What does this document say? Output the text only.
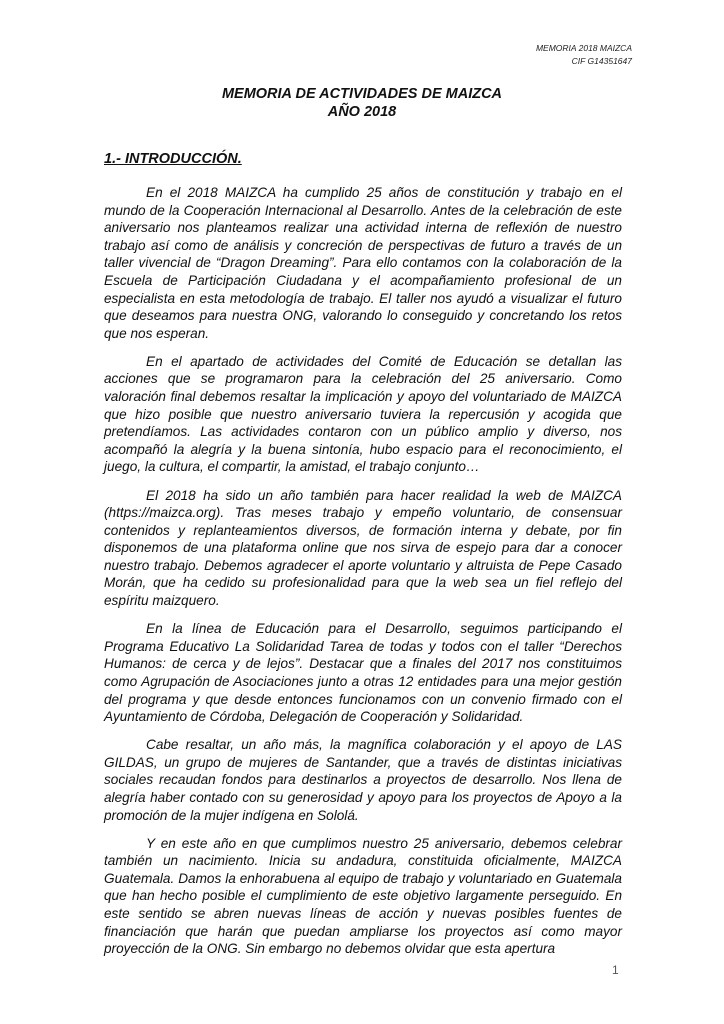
MEMORIA 2018 MAIZCA
CIF G14351647
MEMORIA DE ACTIVIDADES DE MAIZCA
AÑO 2018
1.- INTRODUCCIÓN.

En el 2018 MAIZCA ha cumplido 25 años de constitución y trabajo en el mundo de la Cooperación Internacional al Desarrollo. Antes de la celebración de este aniversario nos planteamos realizar una actividad interna de reflexión de nuestro trabajo así como de análisis y concreción de perspectivas de futuro a través de un taller vivencial de “Dragon Dreaming”. Para ello contamos con la colaboración de la Escuela de Participación Ciudadana y el acompañamiento profesional de un especialista en esta metodología de trabajo. El taller nos ayudó a visualizar el futuro que deseamos para nuestra ONG, valorando lo conseguido y concretando los retos que nos esperan.

En el apartado de actividades del Comité de Educación se detallan las acciones que se programaron para la celebración del 25 aniversario. Como valoración final debemos resaltar la implicación y apoyo del voluntariado de MAIZCA que hizo posible que nuestro aniversario tuviera la repercusión y acogida que pretendíamos. Las actividades contaron con un público amplio y diverso, nos acompañó la alegría y la buena sintonía, hubo espacio para el reconocimiento, el juego, la cultura, el compartir, la amistad, el trabajo conjunto…

El 2018 ha sido un año también para hacer realidad la web de MAIZCA (https://maizca.org). Tras meses trabajo y empeño voluntario, de consensuar contenidos y replanteamientos diversos, de formación interna y debate, por fin disponemos de una plataforma online que nos sirva de espejo para dar a conocer nuestro trabajo. Debemos agradecer el aporte voluntario y altruista de Pepe Casado Morán, que ha cedido su profesionalidad para que la web sea un fiel reflejo del espíritu maizquero.

En la línea de Educación para el Desarrollo, seguimos participando el Programa Educativo La Solidaridad Tarea de todas y todos con el taller “Derechos Humanos: de cerca y de lejos”. Destacar que a finales del 2017 nos constituimos como Agrupación de Asociaciones junto a otras 12 entidades para una mejor gestión del programa y que desde entonces funcionamos con un convenio firmado con el Ayuntamiento de Córdoba, Delegación de Cooperación y Solidaridad.

Cabe resaltar, un año más, la magnífica colaboración y el apoyo de LAS GILDAS, un grupo de mujeres de Santander, que a través de distintas iniciativas sociales recaudan fondos para destinarlos a proyectos de desarrollo. Nos llena de alegría haber contado con su generosidad y apoyo para los proyectos de Apoyo a la promoción de la mujer indígena en Sololá.

Y en este año en que cumplimos nuestro 25 aniversario, debemos celebrar también un nacimiento. Inicia su andadura, constituida oficialmente, MAIZCA Guatemala. Damos la enhorabuena al equipo de trabajo y voluntariado en Guatemala que han hecho posible el cumplimiento de este objetivo largamente perseguido. En este sentido se abren nuevas líneas de acción y nuevas posibles fuentes de financiación que harán que puedan ampliarse los proyectos así como mayor proyección de la ONG. Sin embargo no debemos olvidar que esta apertura

1
